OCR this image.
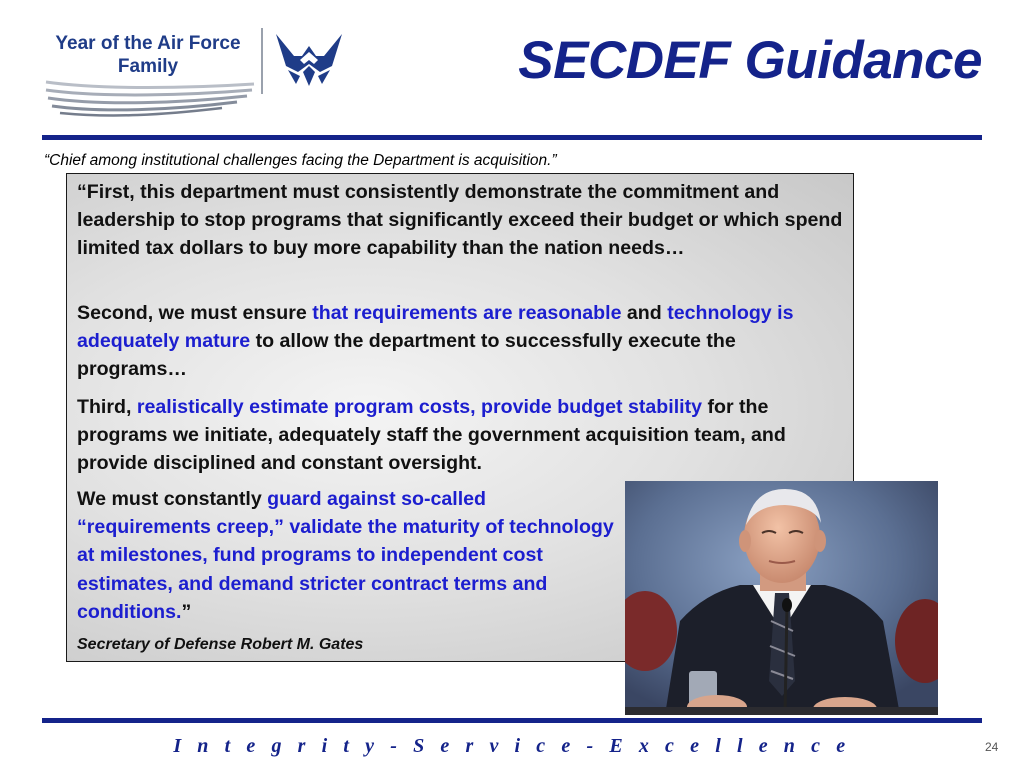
Year of the Air Force
Family	SECDEF Guidance
“Chief among institutional challenges facing the Department is acquisition.”

“First, this department must consistently demonstrate the commitment and leadership to stop programs that significantly exceed their budget or which spend limited tax dollars to buy more capability than the nation needs…

Second, we must ensure that requirements are reasonable and technology is adequately mature to allow the department to successfully execute the programs…

Third, realistically estimate program costs, provide budget stability for the programs we initiate, adequately staff the government acquisition team, and provide disciplined and constant oversight.

We must constantly guard against so-called “requirements creep,” validate the maturity of technology at milestones, fund programs to independent cost estimates, and demand stricter contract terms and conditions.”

Secretary of Defense Robert M. Gates
I n t e g r i t y - S e r v i c e - E x c e l l e n c e	24
